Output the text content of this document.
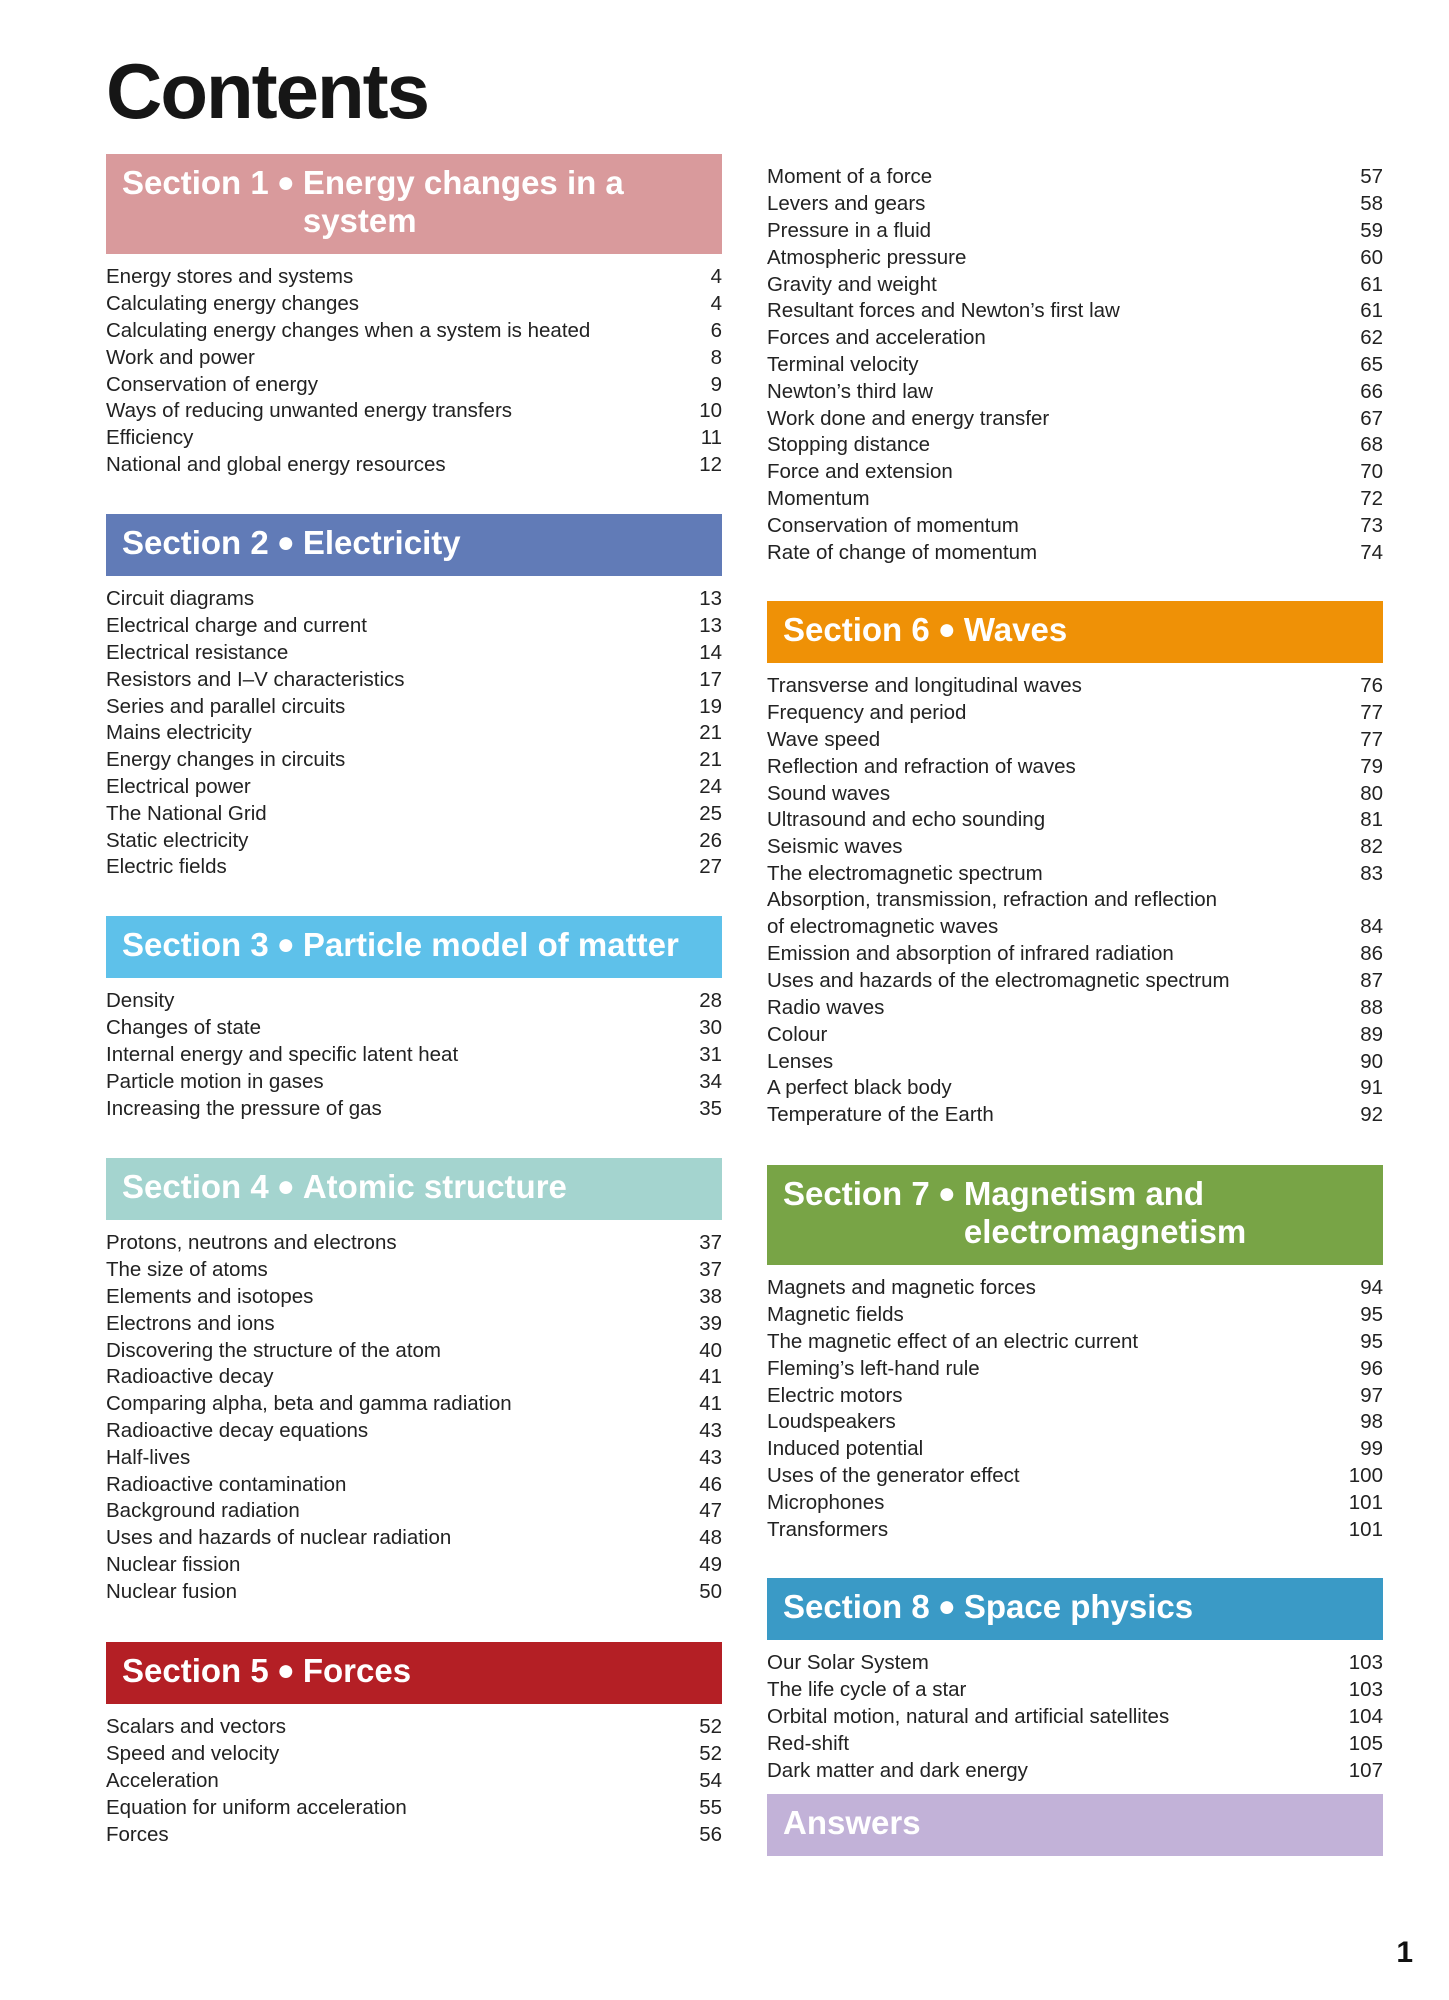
Contents
Section 1 ● Energy changes in a system
Energy stores and systems	4
Calculating energy changes	4
Calculating energy changes when a system is heated	6
Work and power	8
Conservation of energy	9
Ways of reducing unwanted energy transfers	10
Efficiency	11
National and global energy resources	12
Section 2 ● Electricity
Circuit diagrams	13
Electrical charge and current	13
Electrical resistance	14
Resistors and I–V characteristics	17
Series and parallel circuits	19
Mains electricity	21
Energy changes in circuits	21
Electrical power	24
The National Grid	25
Static electricity	26
Electric fields	27
Section 3 ● Particle model of matter
Density	28
Changes of state	30
Internal energy and specific latent heat	31
Particle motion in gases	34
Increasing the pressure of gas	35
Section 4 ● Atomic structure
Protons, neutrons and electrons	37
The size of atoms	37
Elements and isotopes	38
Electrons and ions	39
Discovering the structure of the atom	40
Radioactive decay	41
Comparing alpha, beta and gamma radiation	41
Radioactive decay equations	43
Half-lives	43
Radioactive contamination	46
Background radiation	47
Uses and hazards of nuclear radiation	48
Nuclear fission	49
Nuclear fusion	50
Section 5 ● Forces
Scalars and vectors	52
Speed and velocity	52
Acceleration	54
Equation for uniform acceleration	55
Forces	56
Moment of a force	57
Levers and gears	58
Pressure in a fluid	59
Atmospheric pressure	60
Gravity and weight	61
Resultant forces and Newton’s first law	61
Forces and acceleration	62
Terminal velocity	65
Newton’s third law	66
Work done and energy transfer	67
Stopping distance	68
Force and extension	70
Momentum	72
Conservation of momentum	73
Rate of change of momentum	74
Section 6 ● Waves
Transverse and longitudinal waves	76
Frequency and period	77
Wave speed	77
Reflection and refraction of waves	79
Sound waves	80
Ultrasound and echo sounding	81
Seismic waves	82
The electromagnetic spectrum	83
Absorption, transmission, refraction and reflection of electromagnetic waves	84
Emission and absorption of infrared radiation	86
Uses and hazards of the electromagnetic spectrum	87
Radio waves	88
Colour	89
Lenses	90
A perfect black body	91
Temperature of the Earth	92
Section 7 ● Magnetism and electromagnetism
Magnets and magnetic forces	94
Magnetic fields	95
The magnetic effect of an electric current	95
Fleming’s left-hand rule	96
Electric motors	97
Loudspeakers	98
Induced potential	99
Uses of the generator effect	100
Microphones	101
Transformers	101
Section 8 ● Space physics
Our Solar System	103
The life cycle of a star	103
Orbital motion, natural and artificial satellites	104
Red-shift	105
Dark matter and dark energy	107
Answers
1
